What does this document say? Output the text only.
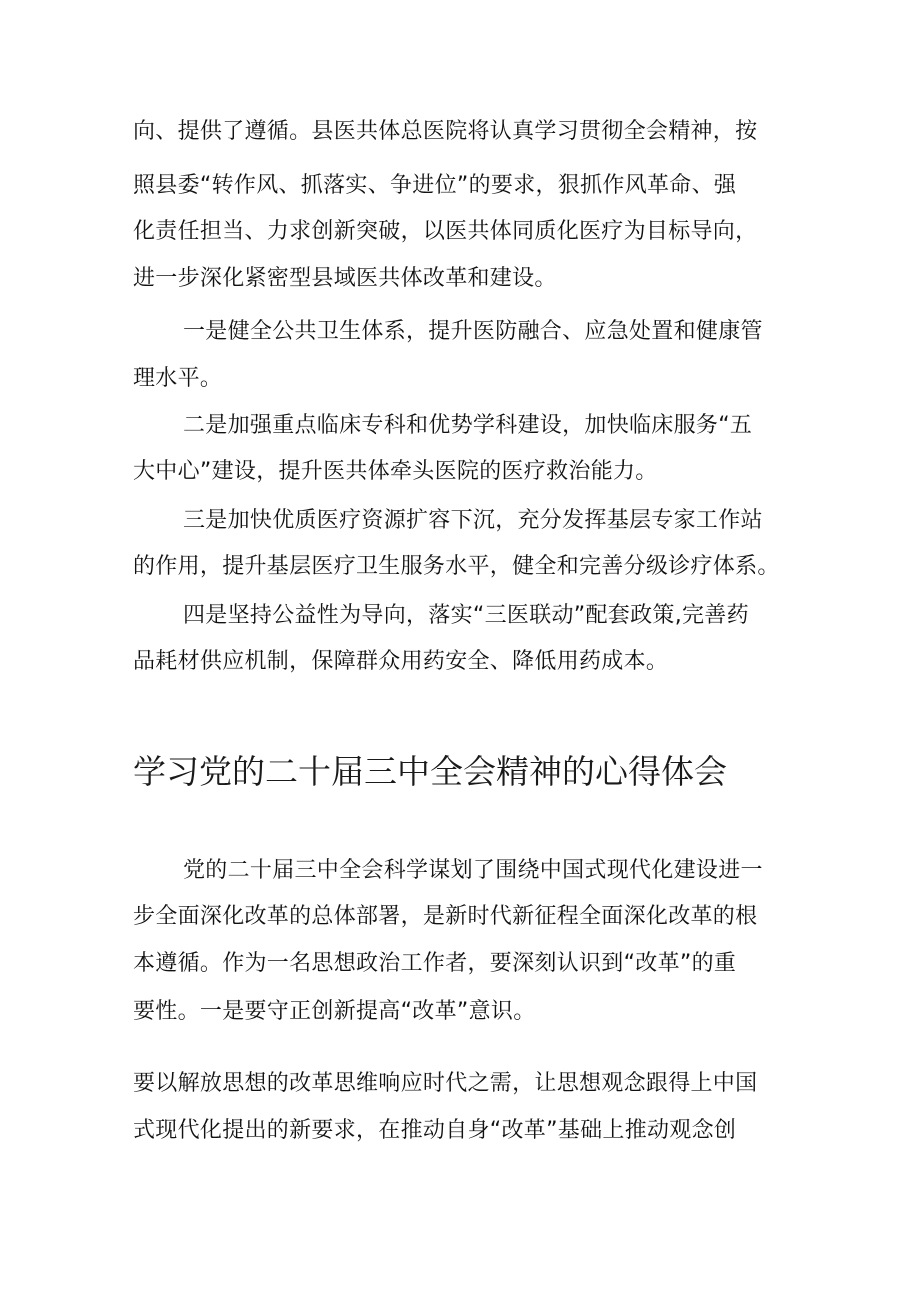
向、提供了遵循。县医共体总医院将认真学习贯彻全会精神，按
照县委“转作风、抓落实、争进位”的要求，狠抓作风革命、强
化责任担当、力求创新突破，以医共体同质化医疗为目标导向，
进一步深化紧密型县域医共体改革和建设。
一是健全公共卫生体系，提升医防融合、应急处置和健康管
理水平。
二是加强重点临床专科和优势学科建设，加快临床服务“五
大中心”建设，提升医共体牵头医院的医疗救治能力。
三是加快优质医疗资源扩容下沉，充分发挥基层专家工作站
的作用，提升基层医疗卫生服务水平，健全和完善分级诊疗体系。
四是坚持公益性为导向，落实“三医联动”配套政策,完善药
品耗材供应机制，保障群众用药安全、降低用药成本。
学习党的二十届三中全会精神的心得体会
党的二十届三中全会科学谋划了围绕中国式现代化建设进一
步全面深化改革的总体部署，是新时代新征程全面深化改革的根
本遵循。作为一名思想政治工作者，要深刻认识到“改革”的重
要性。一是要守正创新提高“改革”意识。
要以解放思想的改革思维响应时代之需，让思想观念跟得上中国
式现代化提出的新要求，在推动自身“改革”基础上推动观念创
